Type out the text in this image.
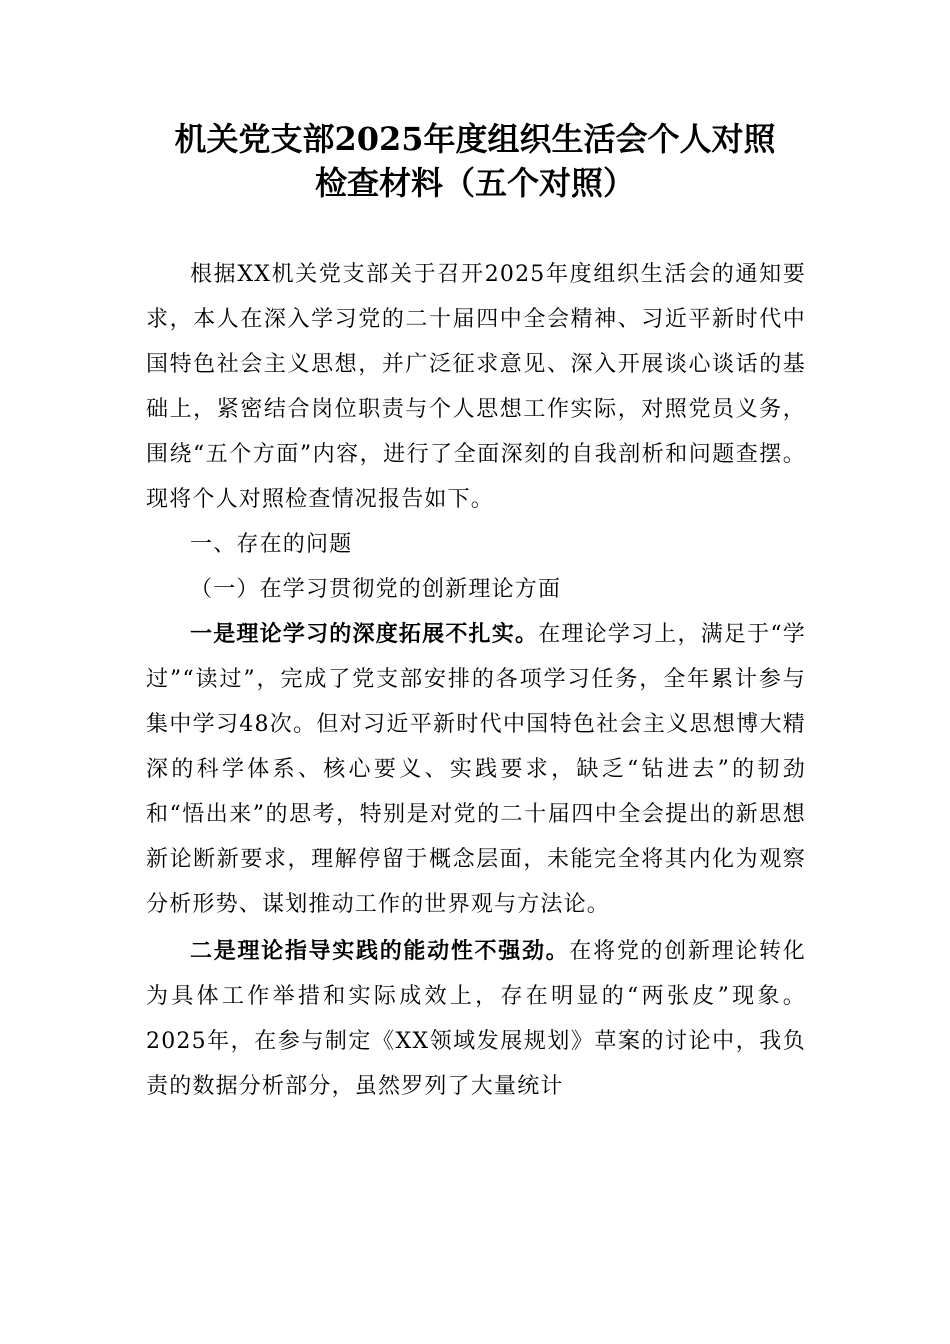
机关党支部2025年度组织生活会个人对照
检查材料（五个对照）

根据XX机关党支部关于召开2025年度组织生活会的通知要求，本人在深入学习党的二十届四中全会精神、习近平新时代中国特色社会主义思想，并广泛征求意见、深入开展谈心谈话的基础上，紧密结合岗位职责与个人思想工作实际，对照党员义务，围绕“五个方面”内容，进行了全面深刻的自我剖析和问题查摆。现将个人对照检查情况报告如下。

一、存在的问题

（一）在学习贯彻党的创新理论方面

一是理论学习的深度拓展不扎实。在理论学习上，满足于“学过”“读过”，完成了党支部安排的各项学习任务，全年累计参与集中学习48次。但对习近平新时代中国特色社会主义思想博大精深的科学体系、核心要义、实践要求，缺乏“钻进去”的韧劲和“悟出来”的思考，特别是对党的二十届四中全会提出的新思想新论断新要求，理解停留于概念层面，未能完全将其内化为观察分析形势、谋划推动工作的世界观与方法论。

二是理论指导实践的能动性不强劲。在将党的创新理论转化为具体工作举措和实际成效上，存在明显的“两张皮”现象。2025年，在参与制定《XX领域发展规划》草案的讨论中，我负责的数据分析部分，虽然罗列了大量统计
